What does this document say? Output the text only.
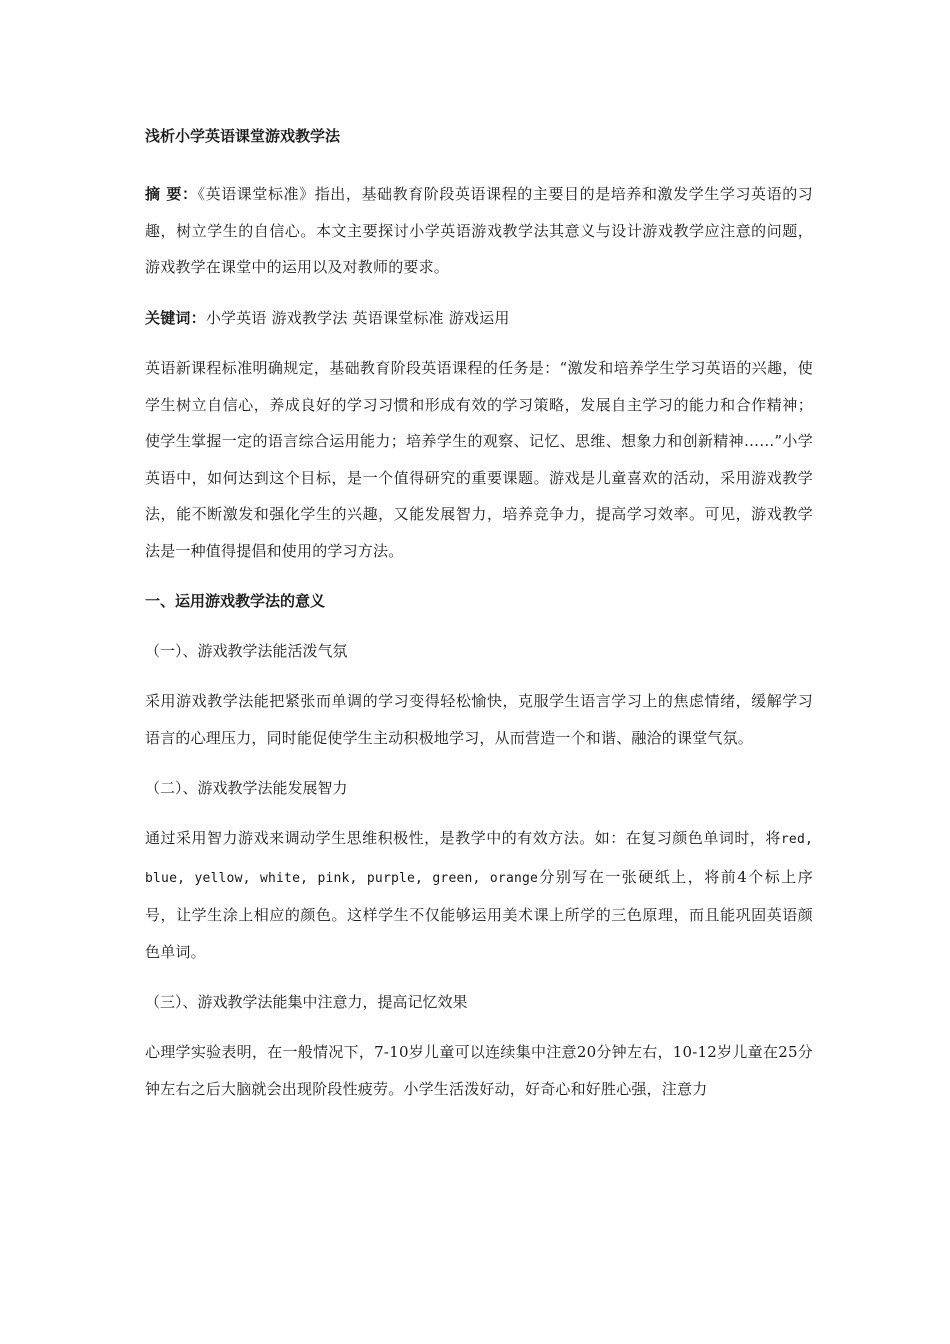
浅析小学英语课堂游戏教学法

摘 要：《英语课堂标准》指出，基础教育阶段英语课程的主要目的是培养和激发学生学习英语的习趣，树立学生的自信心。本文主要探讨小学英语游戏教学法其意义与设计游戏教学应注意的问题，游戏教学在课堂中的运用以及对教师的要求。

关键词：小学英语 游戏教学法 英语课堂标准 游戏运用

英语新课程标准明确规定，基础教育阶段英语课程的任务是：“激发和培养学生学习英语的兴趣，使学生树立自信心，养成良好的学习习惯和形成有效的学习策略，发展自主学习的能力和合作精神；使学生掌握一定的语言综合运用能力；培养学生的观察、记忆、思维、想象力和创新精神……”小学英语中，如何达到这个目标，是一个值得研究的重要课题。游戏是儿童喜欢的活动，采用游戏教学法，能不断激发和强化学生的兴趣，又能发展智力，培养竞争力，提高学习效率。可见，游戏教学法是一种值得提倡和使用的学习方法。

一、运用游戏教学法的意义
（一）、游戏教学法能活泼气氛

采用游戏教学法能把紧张而单调的学习变得轻松愉快，克服学生语言学习上的焦虑情绪，缓解学习语言的心理压力，同时能促使学生主动积极地学习，从而营造一个和谐、融洽的课堂气氛。

（二）、游戏教学法能发展智力

通过采用智力游戏来调动学生思维积极性，是教学中的有效方法。如：在复习颜色单词时，将red, blue, yellow, white, pink, purple, green, orange分别写在一张硬纸上，将前4个标上序号，让学生涂上相应的颜色。这样学生不仅能够运用美术课上所学的三色原理，而且能巩固英语颜色单词。

（三）、游戏教学法能集中注意力，提高记忆效果

心理学实验表明，在一般情况下，7-10岁儿童可以连续集中注意20分钟左右，10-12岁儿童在25分钟左右之后大脑就会出现阶段性疲劳。小学生活泼好动，好奇心和好胜心强，注意力
